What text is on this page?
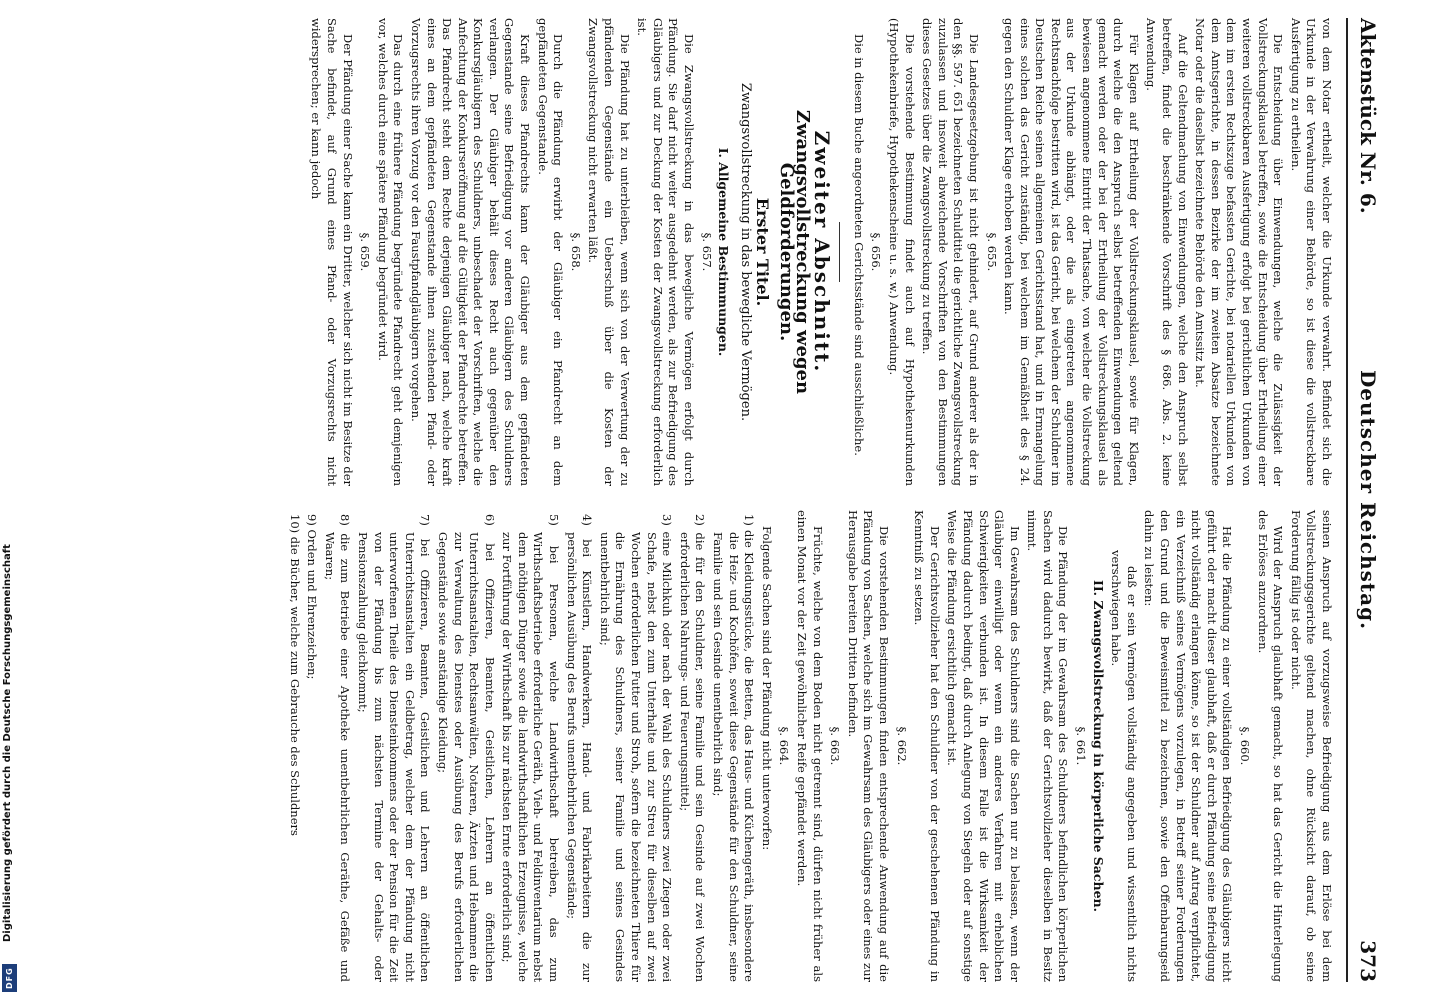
Aktenstück Nr. 6.
Deutscher Reichstag.
373

von dem Notar ertheilt, welcher die Urkunde verwahrt. Befindet sich die Urkunde in der Verwahrung einer Behörde, so ist diese die vollstreckbare Ausfertigung zu ertheilen.

Die Entscheidung über Einwendungen, welche die Zulässigkeit der Vollstreckungsklausel betreffen, sowie die Entscheidung über Ertheilung einer weiteren vollstreckbaren Ausfertigung erfolgt bei gerichtlichen Urkunden von dem im ersten Rechtszuge befassten Gerichte, bei notariellen Urkunden von dem Amtsgerichte, in dessen Bezirke der im zweiten Absatze bezeichnete Notar oder die daselbst bezeichnete Behörde den Amtssitz hat.

Auf die Geltendmachung von Einwendungen, welche den Anspruch selbst betreffen, findet die beschränkende Vorschrift des § 686. Abs. 2. keine Anwendung.

Für Klagen auf Ertheilung der Vollstreckungsklausel, sowie für Klagen, durch welche die den Anspruch selbst betreffenden Einwendungen geltend gemacht werden oder der bei der Ertheilung der Vollstreckungsklausel als bewiesen angenommene Eintritt der Thatsache, von welcher die Vollstreckung aus der Urkunde abhängt, oder die als eingetreten angenommene Rechtsnachfolge bestritten wird, ist das Gericht, bei welchem der Schuldner im Deutschen Reiche seinen allgemeinen Gerichtsstand hat, und in Ermangelung eines solchen das Gericht zuständig, bei welchem im Gemäßheit des § 24. gegen den Schuldner Klage erhoben werden kann.

§. 655.

Die Landesgesetzgebung ist nicht gehindert, auf Grund anderer als der in den §§. 597. 651 bezeichneten Schuldtitel die gerichtliche Zwangsvollstreckung zuzulassen und insoweit abweichende Vorschriften von den Bestimmungen dieses Gesetzes über die Zwangsvollstreckung zu treffen.

Die vorstehende Bestimmung findet auch auf Hypothekenurkunden (Hypothekenbriefe, Hypothekenscheine u. s. w.) Anwendung.

§. 656.

Die in diesem Buche angeordneten Gerichtsstände sind ausschließliche.

Zweiter Abschnitt.
Zwangsvollstreckung wegen Geldforderungen.
Erster Titel.
Zwangsvollstreckung in das bewegliche Vermögen.

I. Allgemeine Bestimmungen.

§. 657.

Die Zwangsvollstreckung in das bewegliche Vermögen erfolgt durch Pfändung. Sie darf nicht weiter ausgedehnt werden, als zur Befriedigung des Gläubigers und zur Deckung der Kosten der Zwangsvollstreckung erforderlich ist.

Die Pfändung hat zu unterbleiben, wenn sich von der Verwertung der zu pfändenden Gegenstände ein Ueberschuß über die Kosten der Zwangsvollstreckung nicht erwarten läßt.

§. 658.

Durch die Pfändung erwirbt der Gläubiger ein Pfandrecht an dem gepfändeten Gegenstande.

Kraft dieses Pfandrechts kann der Gläubiger aus dem gepfändeten Gegenstande seine Befriedigung vor anderen Gläubigern des Schuldners verlangen. Der Gläubiger behält dieses Recht auch gegenüber den Konkursgläubigern des Schuldners, unbeschadet der Vorschriften, welche die Anfechtung der Konkurseröffnung auf die Gültigkeit der Pfandrechte betreffen. Das Pfandrecht steht dem Rechte derjenigen Gläubiger nach, welche kraft eines an dem gepfändeten Gegenstande ihnen zustehenden Pfand- oder Vorzugsrechts ihren Vorzug vor den Faustpfandgläubigern vorgehen.

Das durch eine frühere Pfändung begründete Pfandrecht geht demjenigen vor, welches durch eine spätere Pfändung begründet wird.

§. 659.

Der Pfändung einer Sache kann ein Dritter, welcher sich nicht im Besitze der Sache befindet, auf Grund eines Pfand- oder Vorzugsrechts nicht widersprechen; er kann jedoch

seinen Anspruch auf vorzugsweise Befriedigung aus dem Erlöse bei dem Vollstreckungsgerichte geltend machen, ohne Rücksicht darauf, ob seine Forderung fällig ist oder nicht.

Wird der Anspruch glaubhaft gemacht, so hat das Gericht die Hinterlegung des Erlöses anzuordnen.

§. 660.

Hat die Pfändung zu einer vollständigen Befriedigung des Gläubigers nicht geführt oder macht dieser glaubhaft, daß er durch Pfändung seine Befriedigung nicht vollständig erlangen könne, so ist der Schuldner auf Antrag verpflichtet, ein Verzeichniß seines Vermögens vorzulegen, in Betreff seiner Forderungen den Grund und die Beweismittel zu bezeichnen, sowie den Offenbarungseid dahin zu leisten:

daß er sein Vermögen vollständig angegeben und wissentlich nichts verschwiegen habe.

II. Zwangsvollstreckung in körperliche Sachen.

§. 661.

Die Pfändung der im Gewahrsam des Schuldners befindlichen körperlichen Sachen wird dadurch bewirkt, daß der Gerichtsvollzieher dieselben in Besitz nimmt.

Im Gewahrsam des Schuldners sind die Sachen nur zu belassen, wenn der Gläubiger einwilligt oder wenn ein anderes Verfahren mit erheblichen Schwierigkeiten verbunden ist. In diesem Falle ist die Wirksamkeit der Pfändung dadurch bedingt, daß durch Anlegung von Siegeln oder auf sonstige Weise die Pfändung ersichtlich gemacht ist.

Der Gerichtsvollzieher hat den Schuldner von der geschehenen Pfändung in Kenntniß zu setzen.

§. 662.

Die vorstehenden Bestimmungen finden entsprechende Anwendung auf die Pfändung von Sachen, welche sich im Gewahrsam des Gläubigers oder eines zur Herausgabe bereiten Dritten befinden.

§. 663.

Früchte, welche von dem Boden nicht getrennt sind, dürfen nicht früher als einen Monat vor der Zeit gewöhnlicher Reife gepfändet werden.

§. 664.

Folgende Sachen sind der Pfändung nicht unterworfen:

1) die Kleidungsstücke, die Betten, das Haus- und Küchengeräth, insbesondere die Heiz- und Kochöfen, soweit diese Gegenstände für den Schuldner, seine Familie und sein Gesinde unentbehrlich sind;

2) die für den Schuldner, seine Familie und sein Gesinde auf zwei Wochen erforderlichen Nahrungs- und Feuerungsmittel;

3) eine Milchkuh oder nach der Wahl des Schuldners zwei Ziegen oder zwei Schafe, nebst den zum Unterhalte und zur Streu für dieselben auf zwei Wochen erforderlichen Futter und Stroh, sofern die bezeichneten Thiere für die Ernährung des Schuldners, seiner Familie und seines Gesindes unentbehrlich sind;

4) bei Künstlern, Handwerkern, Hand- und Fabrikarbeitern die zur persönlichen Ausübung des Berufs unentbehrlichen Gegenstände;

5) bei Personen, welche Landwirthschaft betreiben, das zum Wirthschaftsbetriebe erforderliche Geräth, Vieh- und Feldinventarium nebst dem nöthigen Dünger sowie die landwirthschaftlichen Erzeugnisse, welche zur Fortführung der Wirthschaft bis zur nächsten Ernte erforderlich sind;

6) bei Offizieren, Beamten, Geistlichen, Lehrern an öffentlichen Unterrichtsanstalten, Rechtsanwälten, Notaren, Ärzten und Hebammen die zur Verwaltung des Dienstes oder Ausübung des Berufs erforderlichen Gegenstände sowie anständige Kleidung;

7) bei Offizieren, Beamten, Geistlichen und Lehrern an öffentlichen Unterrichtsanstalten ein Geldbetrag, welcher dem der Pfändung nicht unterworfenen Theile des Diensteinkommens oder der Pension für die Zeit von der Pfändung bis zum nächsten Termine der Gehalts- oder Pensionszahlung gleichkommt;

8) die zum Betriebe einer Apotheke unentbehrlichen Geräthe, Gefäße und Waaren;

9) Orden und Ehrenzeichen;

10) die Bücher, welche zum Gebrauche des Schuldners

DFG
Digitalisierung gefördert durch die Deutsche Forschungsgemeinschaft
